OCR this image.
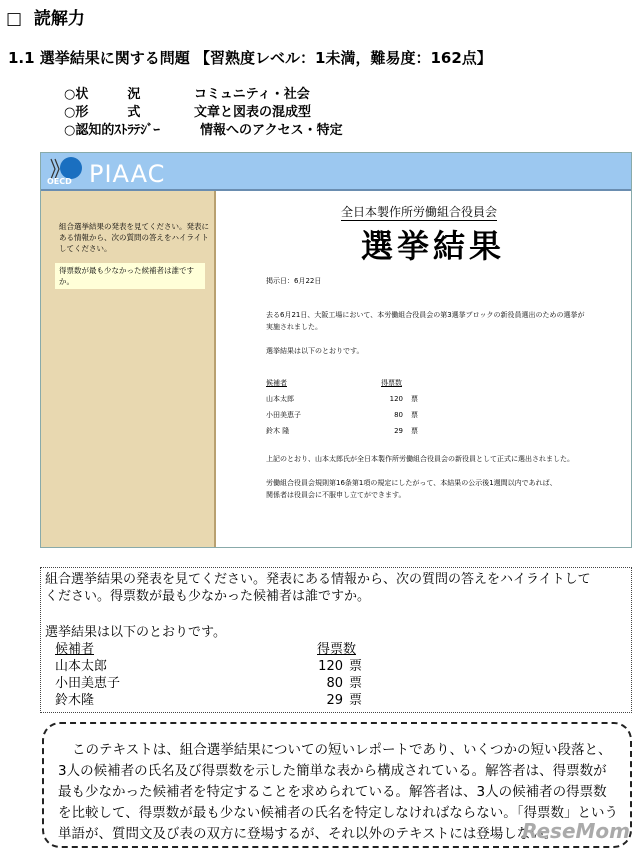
□ 読解力
1.1 選挙結果に関する問題 【習熟度レベル：1未満，難易度：162点】
○状　　　況	コミュニティ・社会
○形　　　式	文章と図表の混成型
○認知的ｽﾄﾗﾃｼﾞｰ	情報へのアクセス・特定
OECD PIAAC
組合選挙結果の発表を見てください。発表にある情報から、次の質問の答えをハイライトしてください。
得票数が最も少なかった候補者は誰ですか。
全日本製作所労働組合役員会
選挙結果
掲示日：6月22日
去る6月21日、大阪工場において、本労働組合役員会の第3選挙ブロックの新役員選出のための選挙が
実施されました。
選挙結果は以下のとおりです。
候補者	得票数
山本太郎	120 票
小田美恵子	80 票
鈴木 隆	29 票
上記のとおり、山本太郎氏が全日本製作所労働組合役員会の新役員として正式に選出されました。
労働組合役員会規則第16条第1項の規定にしたがって、本結果の公示後1週間以内であれば、
関係者は役員会に不服申し立てができます。
組合選挙結果の発表を見てください。発表にある情報から、次の質問の答えをハイライトして
ください。得票数が最も少なかった候補者は誰ですか。
選挙結果は以下のとおりです。
候補者	得票数
山本太郎	120 票
小田美恵子	80 票
鈴木隆	29 票
このテキストは、組合選挙結果についての短いレポートであり、いくつかの短い段落と、3人の候補者の氏名及び得票数を示した簡単な表から構成されている。解答者は、得票数が最も少なかった候補者を特定することを求められている。解答者は、3人の候補者の得票数を比較して、得票数が最も少ない候補者の氏名を特定しなければならない。「得票数」という単語が、質問文及び表の双方に登場するが、それ以外のテキストには登場しない。
ReseMom
